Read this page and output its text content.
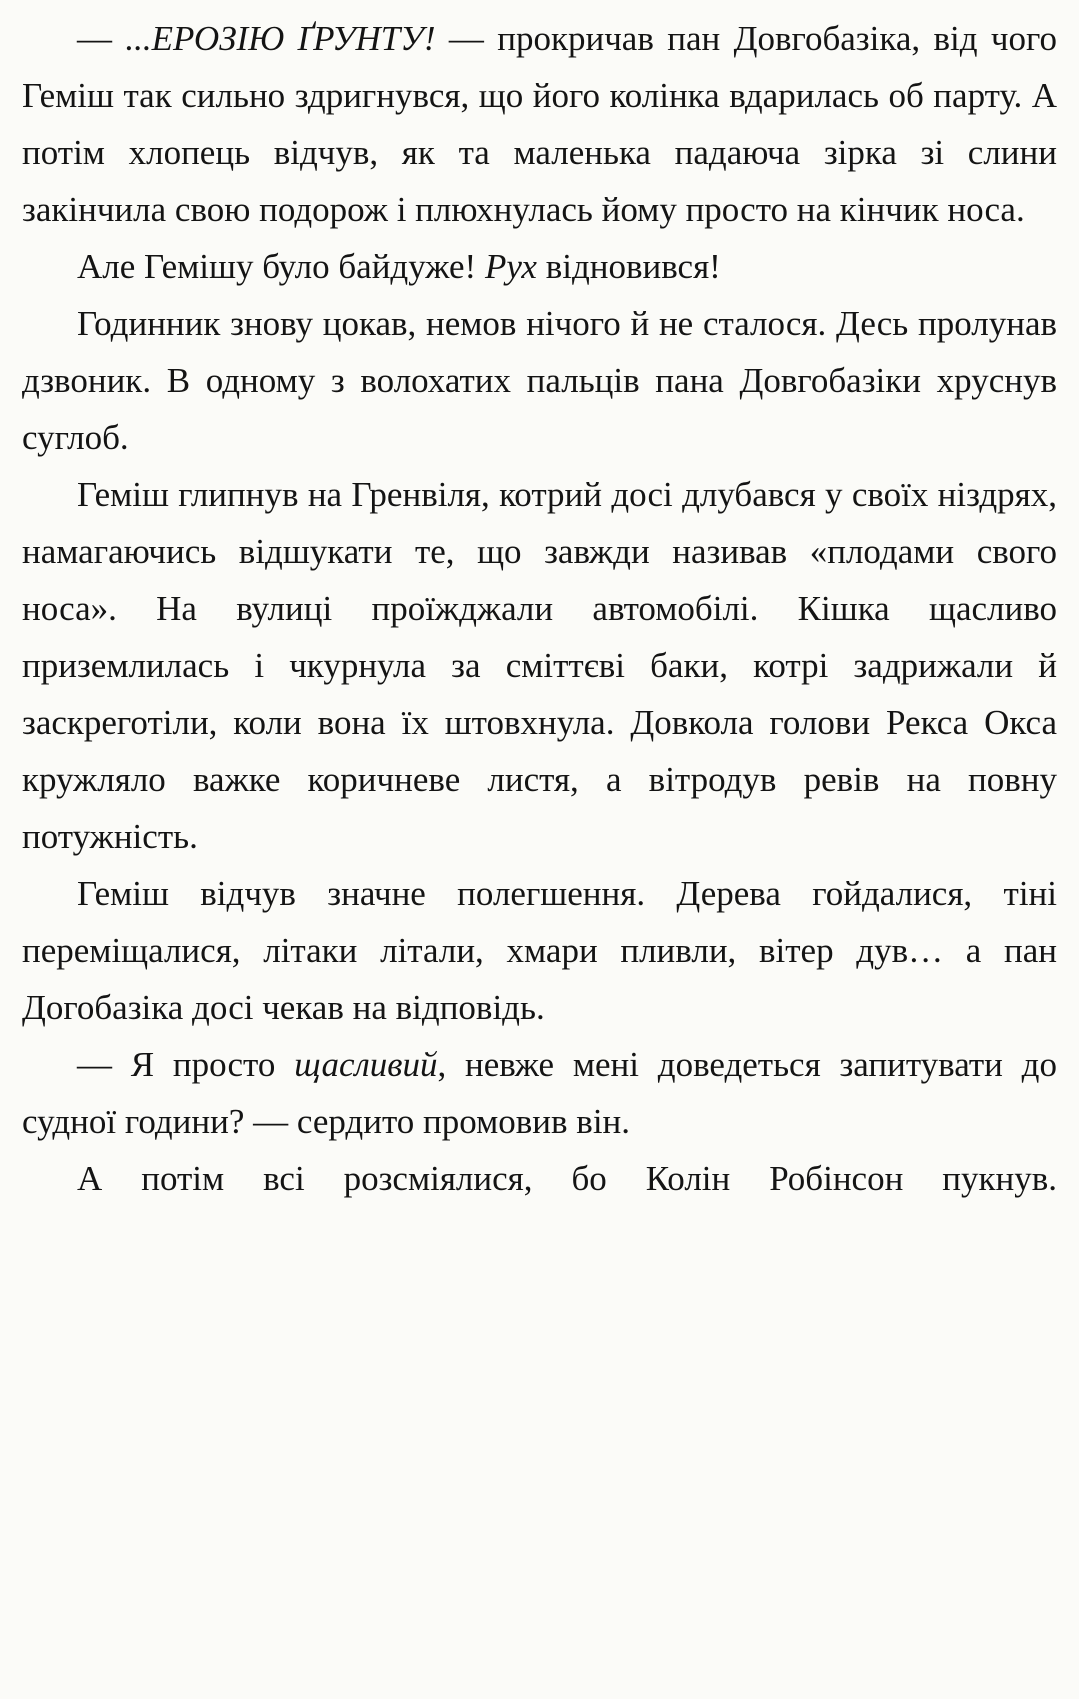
— ...ЕРОЗІЮ ҐРУНТУ! — прокричав пан Довгобазіка, від чого Геміш так сильно здригнувся, що його колінка вдарилась об парту. А потім хлопець відчув, як та маленька падаюча зірка зі слини закінчила свою подорож і плюхнулась йому просто на кінчик носа.

Але Гемішу було байдуже! Рух відновився!

Годинник знову цокав, немов нічого й не сталося. Десь пролунав дзвоник. В одному з волохатих пальців пана Довгобазіки хруснув суглоб.

Геміш глипнув на Гренвіля, котрий досі длубався у своїх ніздрях, намагаючись відшукати те, що завжди називав «плодами свого носа». На вулиці проїжджали автомобілі. Кішка щасливо приземлилась і чкурнула за сміттєві баки, котрі задрижали й заскреготіли, коли вона їх штовхнула. Довкола голови Рекса Окса кружляло важке коричневе листя, а вітродув ревів на повну потужність.

Геміш відчув значне полегшення. Дерева гойдалися, тіні переміщалися, літаки літали, хмари пливли, вітер дув… а пан Догобазіка досі чекав на відповідь.

— Я просто щасливий, невже мені доведеться запитувати до судної години? — сердито промовив він.

А потім всі розсміялися, бо Колін Робінсон пукнув.
